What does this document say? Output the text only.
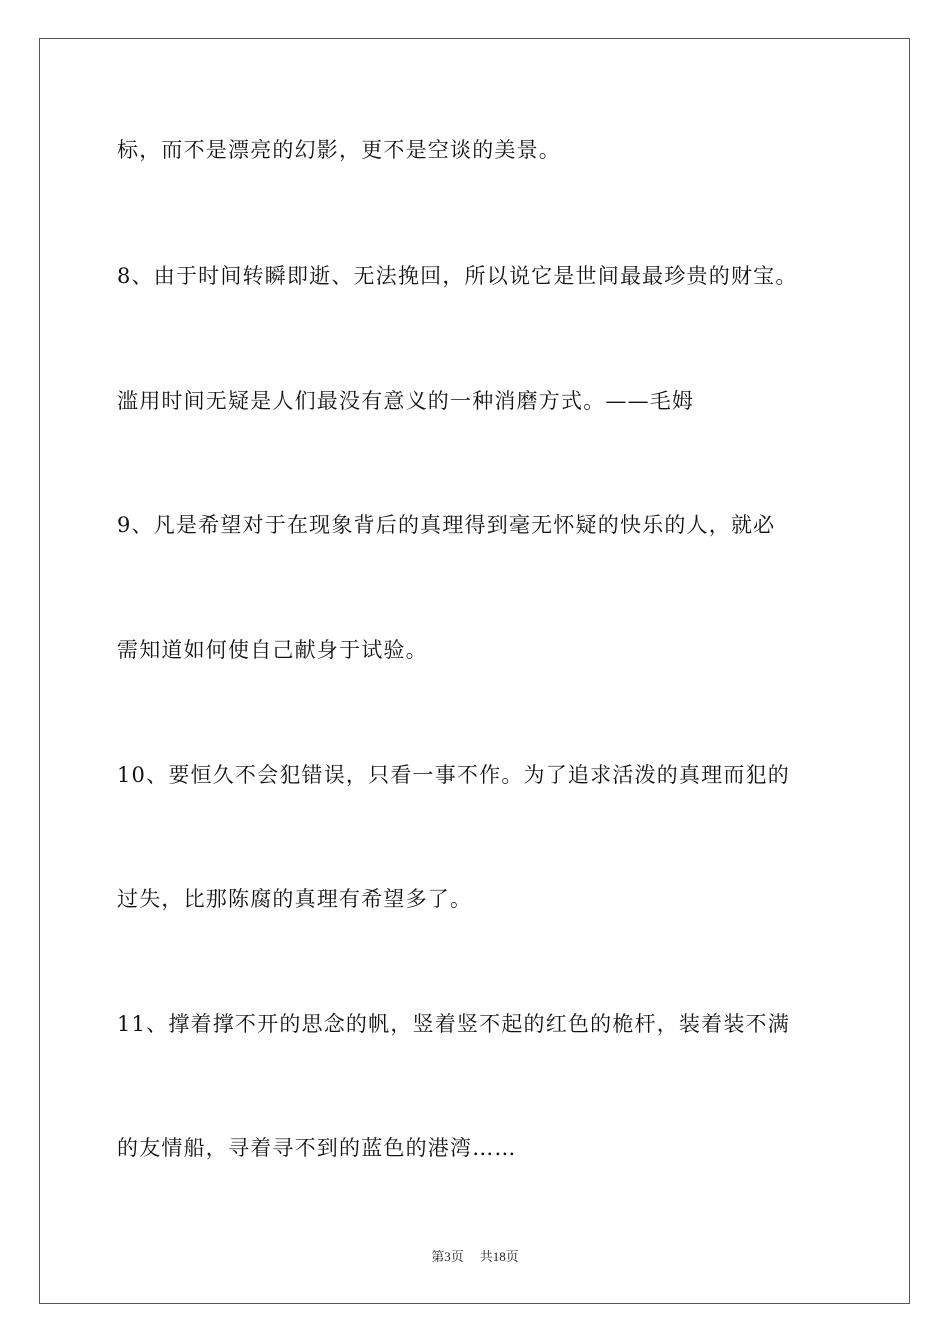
标，而不是漂亮的幻影，更不是空谈的美景。
8、由于时间转瞬即逝、无法挽回，所以说它是世间最最珍贵的财宝。
滥用时间无疑是人们最没有意义的一种消磨方式。——毛姆
9、凡是希望对于在现象背后的真理得到毫无怀疑的快乐的人，就必
需知道如何使自己献身于试验。
10、要恒久不会犯错误，只看一事不作。为了追求活泼的真理而犯的
过失，比那陈腐的真理有希望多了。
11、撑着撑不开的思念的帆，竖着竖不起的红色的桅杆，装着装不满
的友情船，寻着寻不到的蓝色的港湾……
第3页 共18页
